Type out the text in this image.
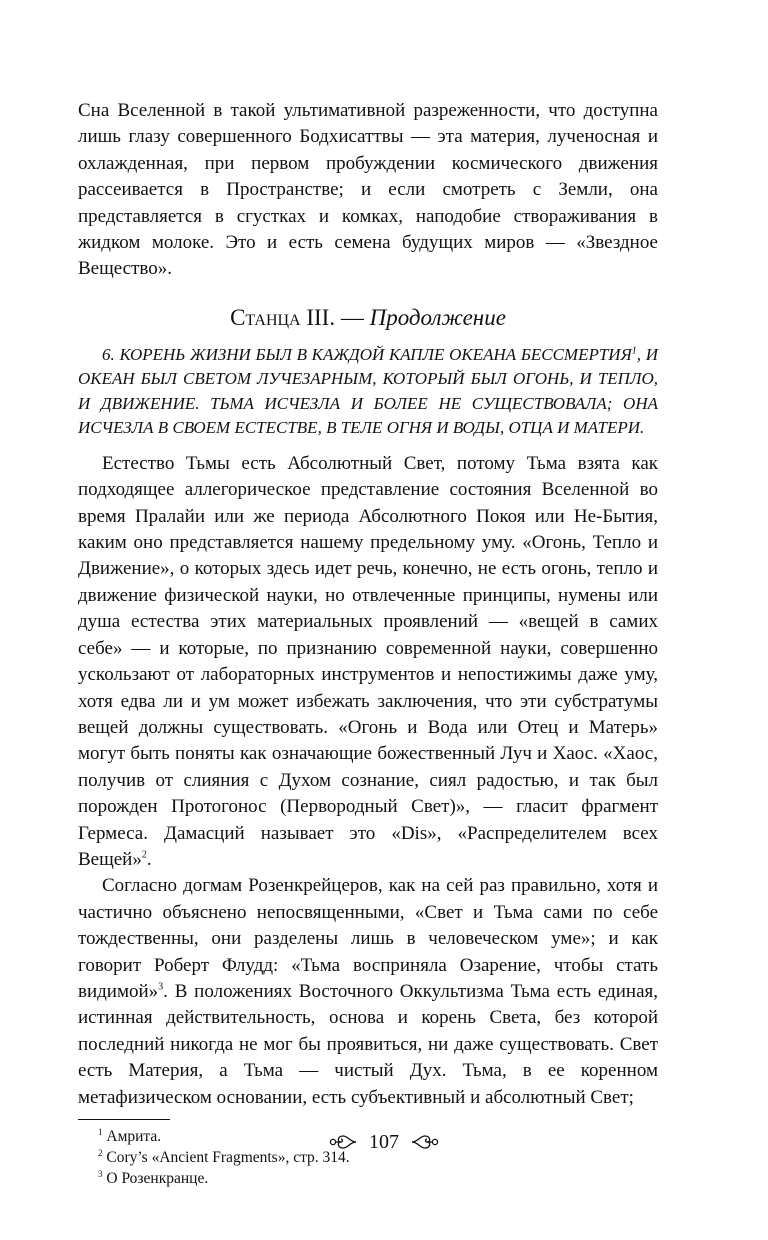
Сна Вселенной в такой ультимативной разреженности, что доступна лишь глазу совершенного Бодхисаттвы — эта материя, лученосная и охлажденная, при первом пробуждении космического движения рассеивается в Пространстве; и если смотреть с Земли, она представляется в сгустках и комках, наподобие створаживания в жидком молоке. Это и есть семена будущих миров — «Звездное Вещество».

Станца III. — Продолжение

6. КОРЕНЬ ЖИЗНИ БЫЛ В КАЖДОЙ КАПЛЕ ОКЕАНА БЕССМЕРТИЯ$^1$, И ОКЕАН БЫЛ СВЕТОМ ЛУЧЕЗАРНЫМ, КОТОРЫЙ БЫЛ ОГОНЬ, И ТЕПЛО, И ДВИЖЕНИЕ. ТЬМА ИСЧЕЗЛА И БОЛЕЕ НЕ СУЩЕСТВОВАЛА; ОНА ИСЧЕЗЛА В СВОЕМ ЕСТЕСТВЕ, В ТЕЛЕ ОГНЯ И ВОДЫ, ОТЦА И МАТЕРИ.

Естество Тьмы есть Абсолютный Свет, потому Тьма взята как подходящее аллегорическое представление состояния Вселенной во время Пралайи или же периода Абсолютного Покоя или Не-Бытия, каким оно представляется нашему предельному уму. «Огонь, Тепло и Движение», о которых здесь идет речь, конечно, не есть огонь, тепло и движение физической науки, но отвлеченные принципы, нумены или душа естества этих материальных проявлений — «вещей в самих себе» — и которые, по признанию современной науки, совершенно ускользают от лабораторных инструментов и непостижимы даже уму, хотя едва ли и ум может избежать заключения, что эти субстратумы вещей должны существовать. «Огонь и Вода или Отец и Матерь» могут быть поняты как означающие божественный Луч и Хаос. «Хаос, получив от слияния с Духом сознание, сиял радостью, и так был порожден Протогонос (Первородный Свет)», — гласит фрагмент Гермеса. Дамасций называет это «Dis», «Распределителем всех Вещей»$^2$.

Согласно догмам Розенкрейцеров, как на сей раз правильно, хотя и частично объяснено непосвященными, «Свет и Тьма сами по себе тождественны, они разделены лишь в человеческом уме»; и как говорит Роберт Флудд: «Тьма восприняла Озарение, чтобы стать видимой»$^3$. В положениях Восточного Оккультизма Тьма есть единая, истинная действительность, основа и корень Света, без которой последний никогда не мог бы проявиться, ни даже существовать. Свет есть Материя, а Тьма — чистый Дух. Тьма, в ее коренном метафизическом основании, есть субъективный и абсолютный Свет;

$^1$ Амрита.

$^2$ Cory’s «Ancient Fragments», стр. 314.

$^3$ О Розенкранце.

107
